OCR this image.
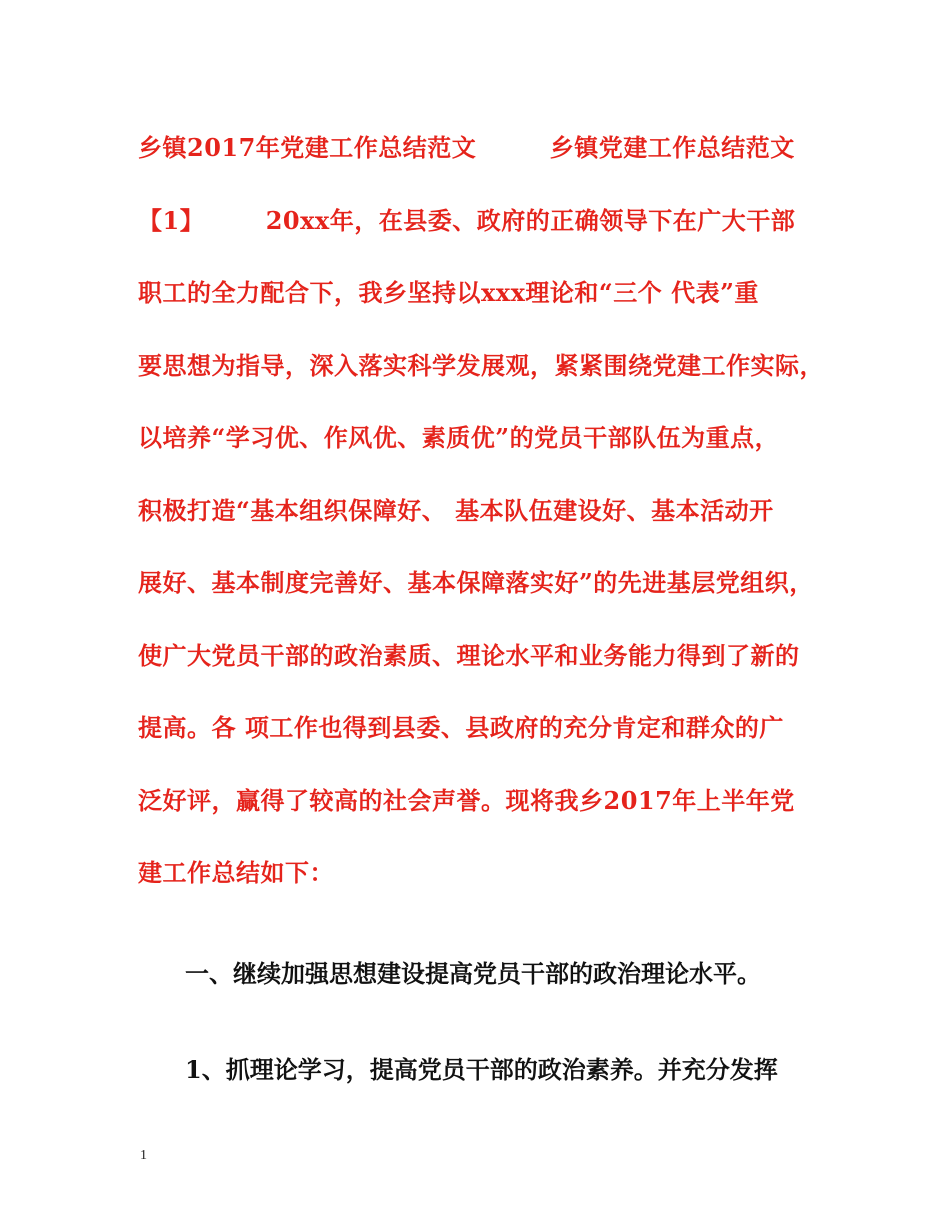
乡镇2017年党建工作总结范文　　　乡镇党建工作总结范文
【1】　　　20xx年，在县委、政府的正确领导下在广大干部
职工的全力配合下，我乡坚持以xxx理论和“三个 代表”重
要思想为指导，深入落实科学发展观，紧紧围绕党建工作实际，
以培养“学习优、作风优、素质优”的党员干部队伍为重点，
积极打造“基本组织保障好、 基本队伍建设好、基本活动开
展好、基本制度完善好、基本保障落实好”的先进基层党组织，
使广大党员干部的政治素质、理论水平和业务能力得到了新的
提高。各 项工作也得到县委、县政府的充分肯定和群众的广
泛好评，赢得了较高的社会声誉。现将我乡2017年上半年党
建工作总结如下：
一、继续加强思想建设提高党员干部的政治理论水平。
1、抓理论学习，提高党员干部的政治素养。并充分发挥
1
